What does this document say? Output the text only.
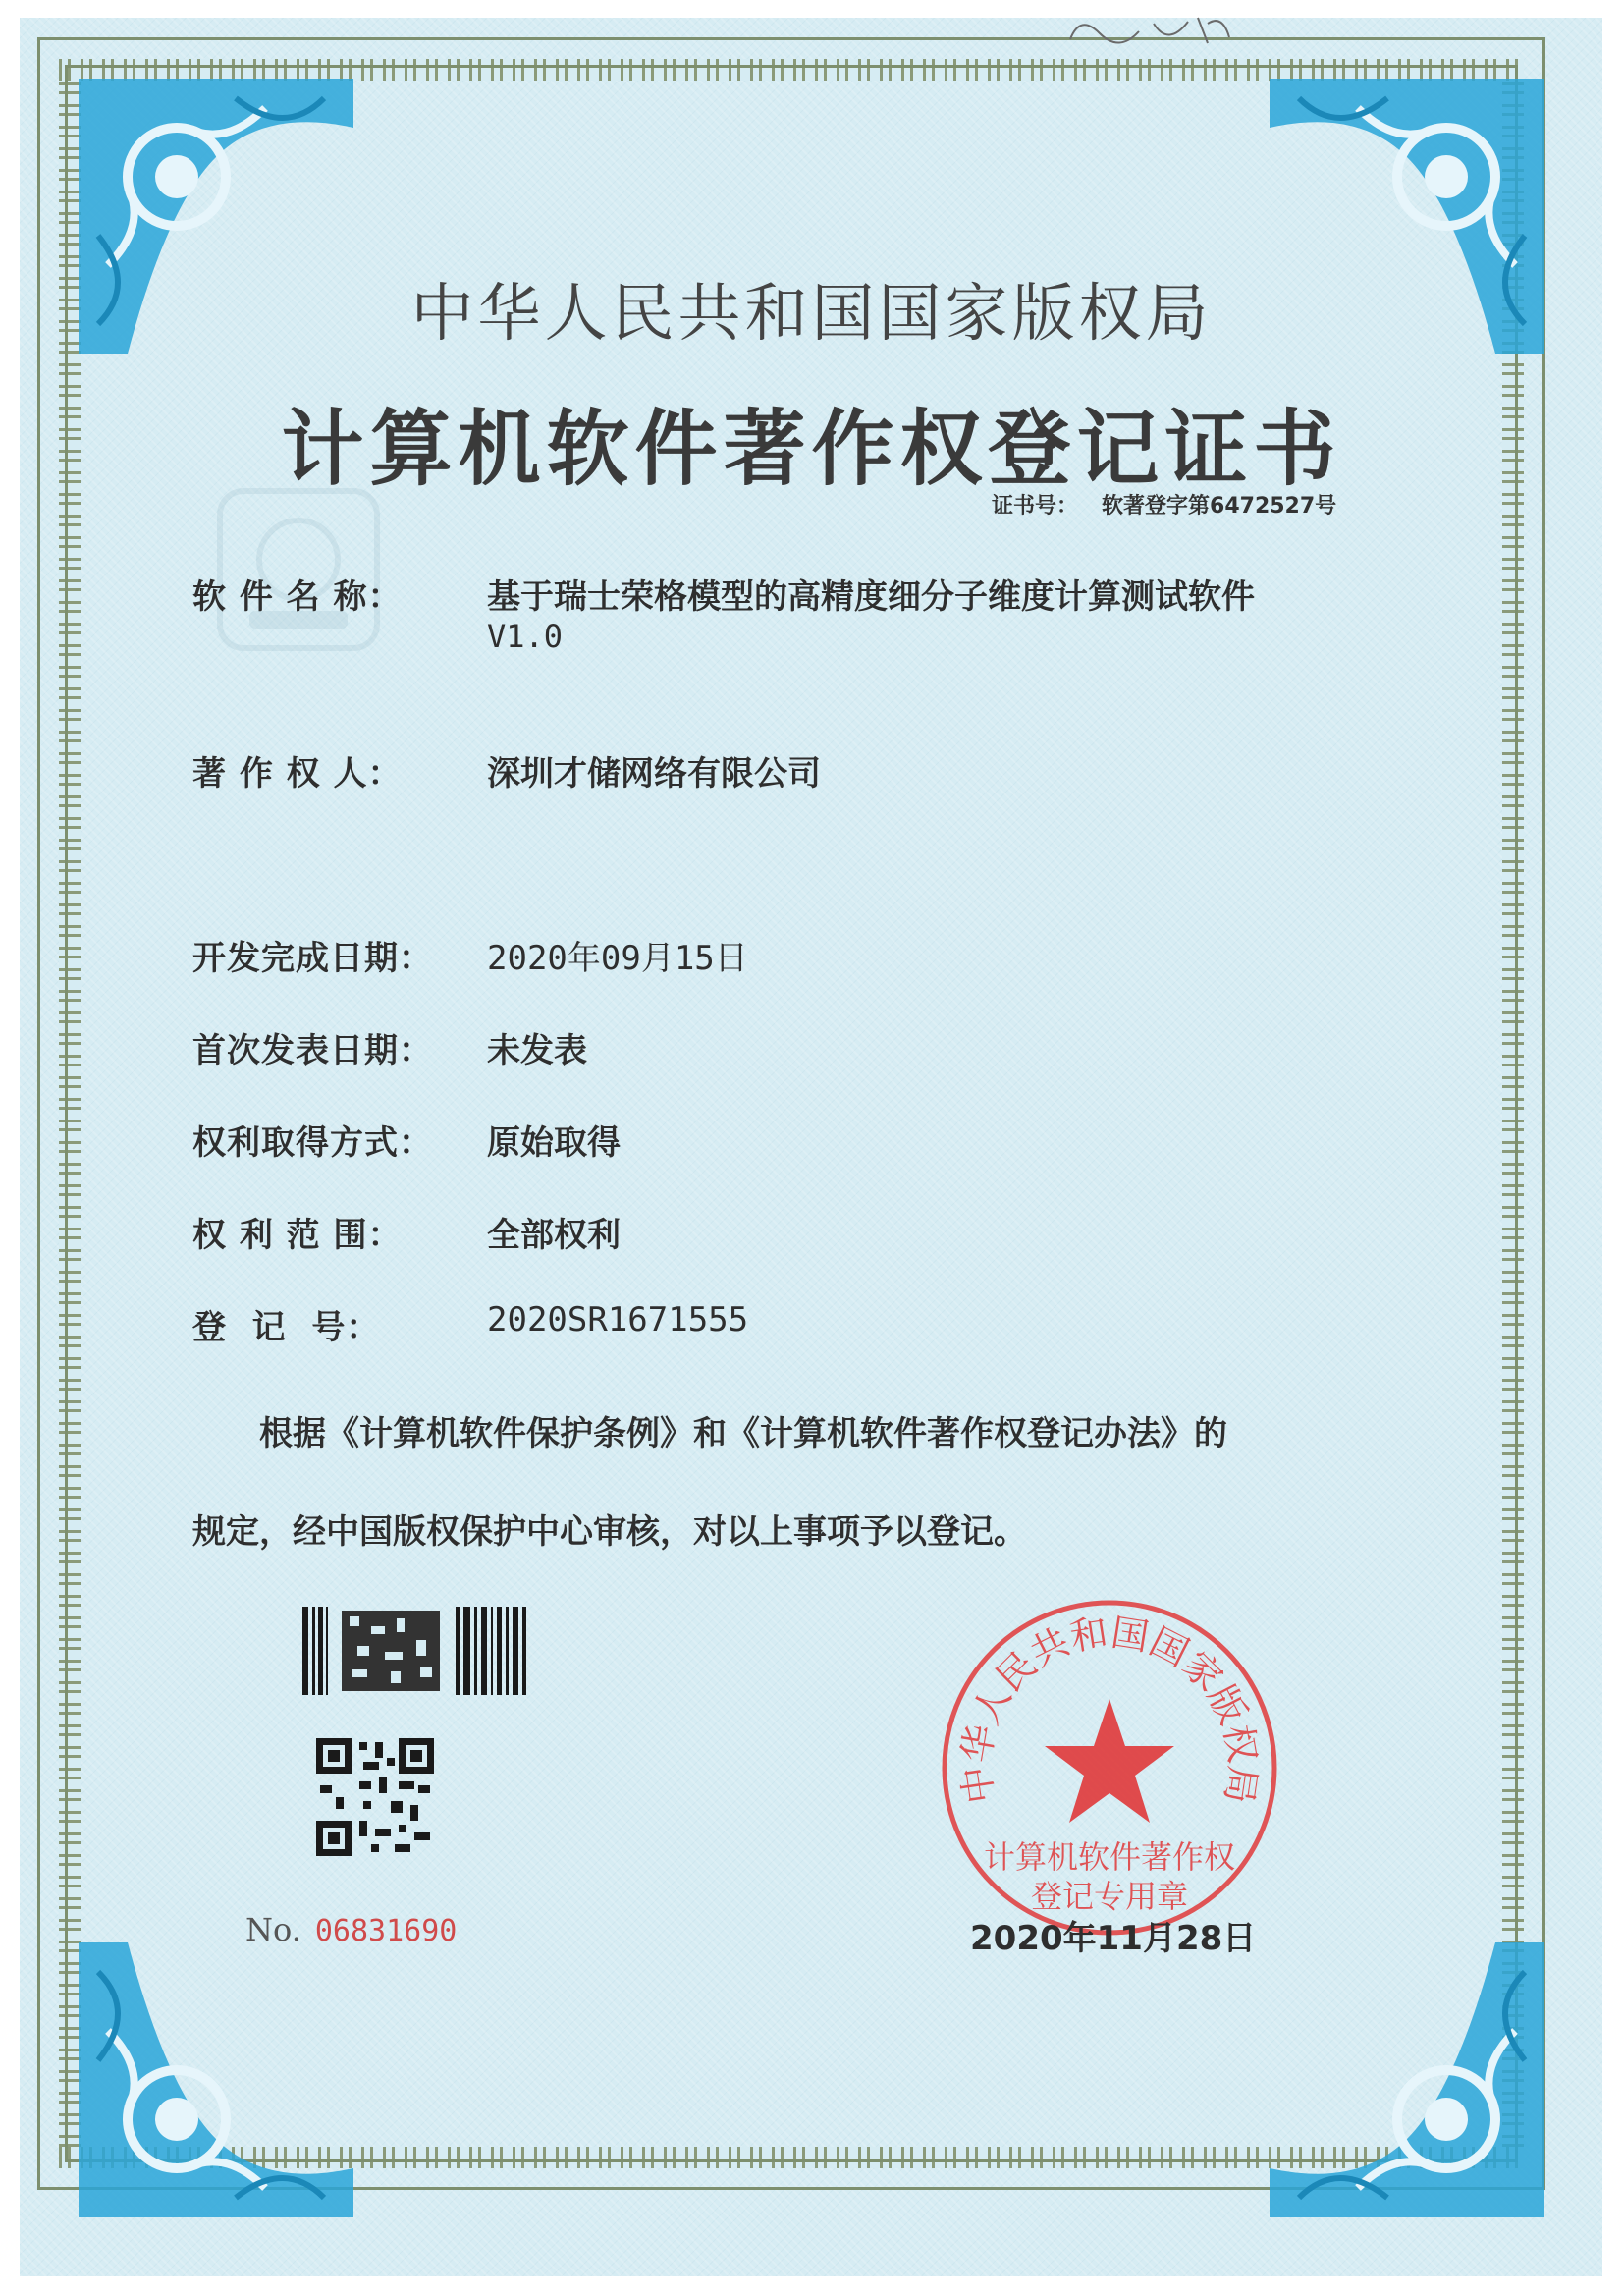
中华人民共和国国家版权局
计算机软件著作权登记证书
证书号： 软著登字第6472527号
软 件 名 称：	基于瑞士荣格模型的高精度细分子维度计算测试软件
V1.0
著 作 权 人：	深圳才储网络有限公司
开发完成日期： 2020年09月15日
首次发表日期： 未发表
权利取得方式： 原始取得
权 利 范 围：	全部权利
登  记  号：	2020SR1671555
根据《计算机软件保护条例》和《计算机软件著作权登记办法》的
规定，经中国版权保护中心审核，对以上事项予以登记。
No. 06831690
中华人民共和国国家版权局
计算机软件著作权
登记专用章
2020年11月28日
